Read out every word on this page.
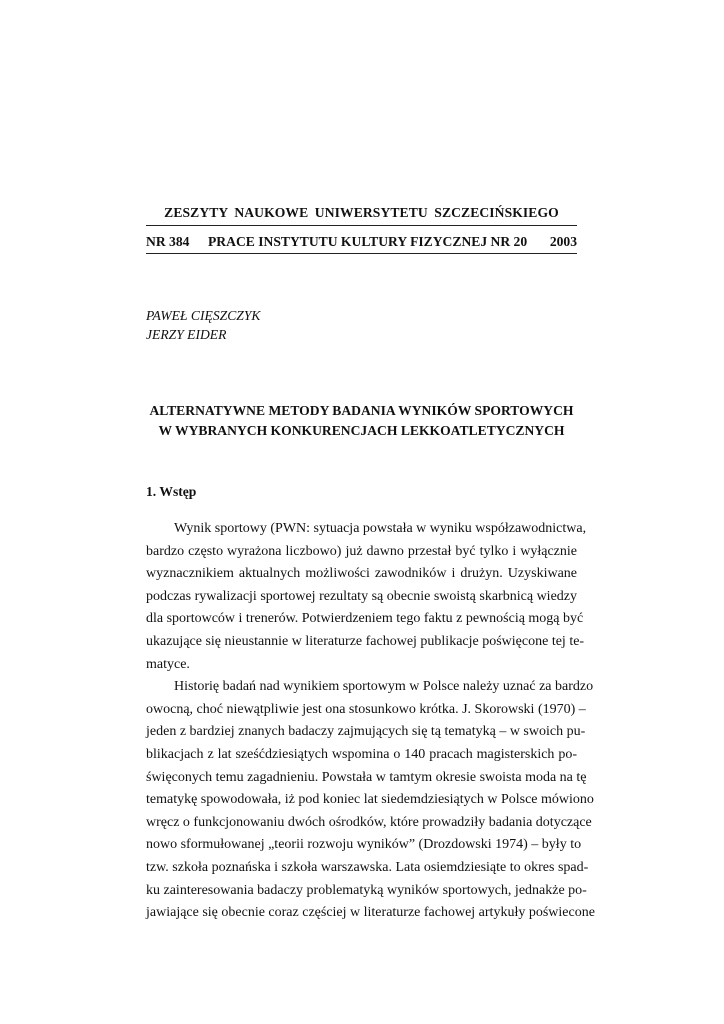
ZESZYTY NAUKOWE UNIWERSYTETU SZCZECIŃSKIEGO
NR 384 PRACE INSTYTUTU KULTURY FIZYCZNEJ NR 20 2003
PAWEŁ CIĘSZCZYK
JERZY EIDER
ALTERNATYWNE METODY BADANIA WYNIKÓW SPORTOWYCH
W WYBRANYCH KONKURENCJACH LEKKOATLETYCZNYCH
1. Wstęp
Wynik sportowy (PWN: sytuacja powstała w wyniku współzawodnictwa,
bardzo często wyrażona liczbowo) już dawno przestał być tylko i wyłącznie
wyznacznikiem aktualnych możliwości zawodników i drużyn. Uzyskiwane
podczas rywalizacji sportowej rezultaty są obecnie swoistą skarbnicą wiedzy
dla sportowców i trenerów. Potwierdzeniem tego faktu z pewnością mogą być
ukazujące się nieustannie w literaturze fachowej publikacje poświęcone tej te-
matyce.
Historię badań nad wynikiem sportowym w Polsce należy uznać za bardzo
owocną, choć niewątpliwie jest ona stosunkowo krótka. J. Skorowski (1970) –
jeden z bardziej znanych badaczy zajmujących się tą tematyką – w swoich pu-
blikacjach z lat sześćdziesiątych wspomina o 140 pracach magisterskich po-
święconych temu zagadnieniu. Powstała w tamtym okresie swoista moda na tę
tematykę spowodowała, iż pod koniec lat siedemdziesiątych w Polsce mówiono
wręcz o funkcjonowaniu dwóch ośrodków, które prowadziły badania dotyczące
nowo sformułowanej „teorii rozwoju wyników” (Drozdowski 1974) – były to
tzw. szkoła poznańska i szkoła warszawska. Lata osiemdziesiąte to okres spad-
ku zainteresowania badaczy problematyką wyników sportowych, jednakże po-
jawiające się obecnie coraz częściej w literaturze fachowej artykuły poświecone
